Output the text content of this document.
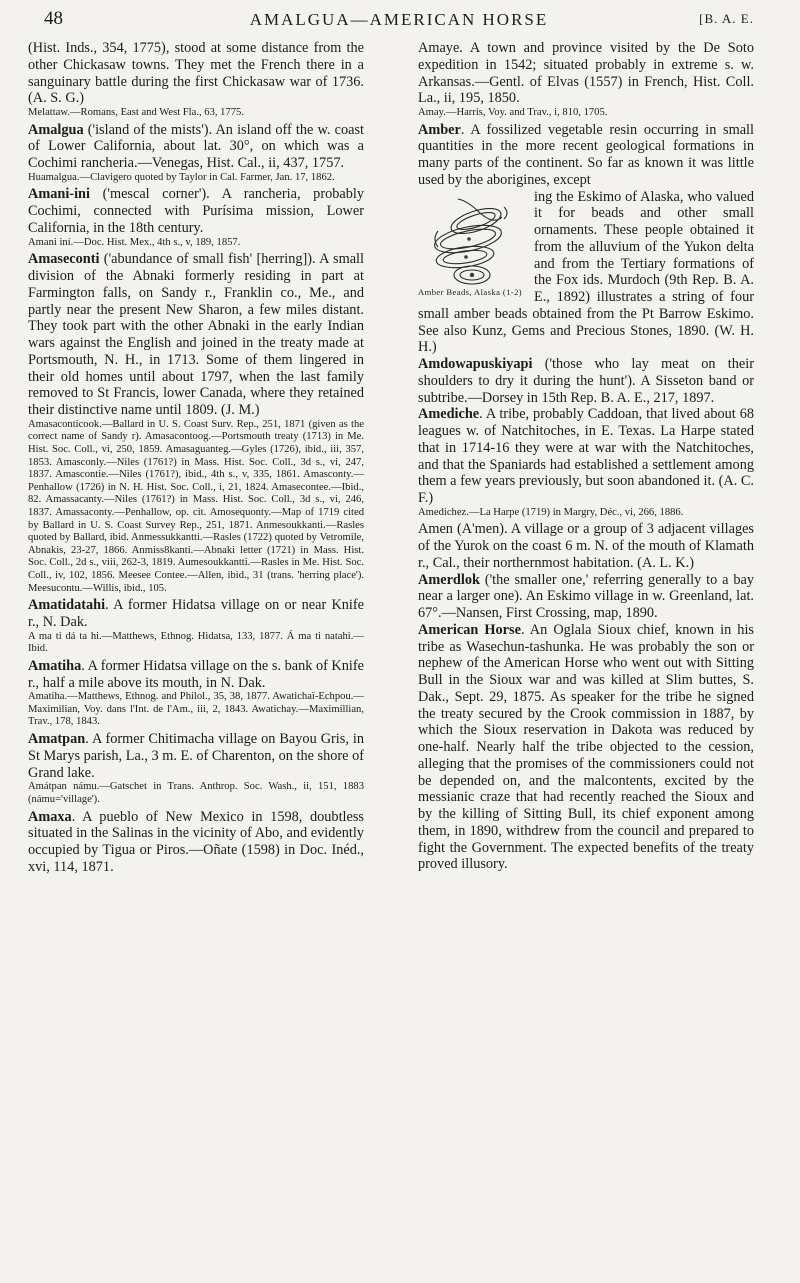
48	AMALGUA—AMERICAN HORSE	[B. A. E.

(Hist. Inds., 354, 1775), stood at some distance from the other Chickasaw towns. They met the French there in a sanguinary battle during the first Chickasaw war of 1736. (A. S. G.)

Melattaw.—Romans, East and West Fla., 63, 1775.

Amalgua ('island of the mists'). An island off the w. coast of Lower California, about lat. 30°, on which was a Cochimi rancheria.—Venegas, Hist. Cal., ii, 437, 1757.

Huamalgua.—Clavigero quoted by Taylor in Cal. Farmer, Jan. 17, 1862.

Amani-ini ('mescal corner'). A rancheria, probably Cochimi, connected with Purísima mission, Lower California, in the 18th century.

Amani iní.—Doc. Hist. Mex., 4th s., v, 189, 1857.

Amaseconti ('abundance of small fish' [herring]). A small division of the Abnaki formerly residing in part at Farmington falls, on Sandy r., Franklin co., Me., and partly near the present New Sharon, a few miles distant. They took part with the other Abnaki in the early Indian wars against the English and joined in the treaty made at Portsmouth, N. H., in 1713. Some of them lingered in their old homes until about 1797, when the last family removed to St Francis, lower Canada, where they retained their distinctive name until 1809. (J. M.)

Amasaconticook.—Ballard in U. S. Coast Surv. Rep., 251, 1871 (given as the correct name of Sandy r). Amasacontoog.—Portsmouth treaty (1713) in Me. Hist. Soc. Coll., vi, 250, 1859. Amasaguanteg.—Gyles (1726), ibid., iii, 357, 1853. Amasconly.—Niles (1761?) in Mass. Hist. Soc. Coll., 3d s., vi, 247, 1837. Amascontie.—Niles (1761?), ibid., 4th s., v, 335, 1861. Amasconty.—Penhallow (1726) in N. H. Hist. Soc. Coll., i, 21, 1824. Amasecontee.—Ibid., 82. Amassacanty.—Niles (1761?) in Mass. Hist. Soc. Coll., 3d s., vi, 246, 1837. Amassaconty.—Penhallow, op. cit. Amosequonty.—Map of 1719 cited by Ballard in U. S. Coast Survey Rep., 251, 1871. Anmesoukkanti.—Rasles quoted by Ballard, ibid. Anmessukkantti.—Rasles (1722) quoted by Vetromile, Abnakis, 23-27, 1866. Anmiss8kanti.—Abnaki letter (1721) in Mass. Hist. Soc. Coll., 2d s., viii, 262-3, 1819. Aumesoukkantti.—Rasles in Me. Hist. Soc. Coll., iv, 102, 1856. Meesee Contee.—Allen, ibid., 31 (trans. 'herring place'). Meesucontu.—Willis, ibid., 105.

Amatidatahi. A former Hidatsa village on or near Knife r., N. Dak.

A ma ti dá ta hi.—Matthews, Ethnog. Hidatsa, 133, 1877. Á ma ti natahi.—Ibid.

Amatiha. A former Hidatsa village on the s. bank of Knife r., half a mile above its mouth, in N. Dak.

Amatiha.—Matthews, Ethnog. and Philol., 35, 38, 1877. Awatichaï-Echpou.—Maximilian, Voy. dans l'Int. de l'Am., iii, 2, 1843. Awatichay.—Maximillian, Trav., 178, 1843.

Amatpan. A former Chitimacha village on Bayou Gris, in St Marys parish, La., 3 m. E. of Charenton, on the shore of Grand lake.

Amátpan námu.—Gatschet in Trans. Anthrop. Soc. Wash., ii, 151, 1883 (námu='village').

Amaxa. A pueblo of New Mexico in 1598, doubtless situated in the Salinas in the vicinity of Abo, and evidently occupied by Tigua or Piros.—Oñate (1598) in Doc. Inéd., xvi, 114, 1871.

Amaye. A town and province visited by the De Soto expedition in 1542; situated probably in extreme s. w. Arkansas.—Gentl. of Elvas (1557) in French, Hist. Coll. La., ii, 195, 1850.

Amay.—Harris, Voy. and Trav., i, 810, 1705.

Amber. A fossilized vegetable resin occurring in small quantities in the more recent geological formations in many parts of the continent. So far as known it was little used by the aborigines, except

Amber Beads, Alaska (1-2)
ing the Eskimo of Alaska, who valued it for beads and other small ornaments. These people obtained it from the alluvium of the Yukon delta and from the Tertiary formations of the Fox ids. Murdoch (9th Rep. B. A. E., 1892) illustrates a string of four small amber beads obtained from the Pt Barrow Eskimo. See also Kunz, Gems and Precious Stones, 1890. (W. H. H.)

Amdowapuskiyapi ('those who lay meat on their shoulders to dry it during the hunt'). A Sisseton band or subtribe.—Dorsey in 15th Rep. B. A. E., 217, 1897.

Amediche. A tribe, probably Caddoan, that lived about 68 leagues w. of Natchitoches, in E. Texas. La Harpe stated that in 1714-16 they were at war with the Natchitoches, and that the Spaniards had established a settlement among them a few years previously, but soon abandoned it. (A. C. F.)

Amedichez.—La Harpe (1719) in Margry, Déc., vi, 266, 1886.

Amen (A'men). A village or a group of 3 adjacent villages of the Yurok on the coast 6 m. N. of the mouth of Klamath r., Cal., their northernmost habitation. (A. L. K.)

Amerdlok ('the smaller one,' referring generally to a bay near a larger one). An Eskimo village in w. Greenland, lat. 67°.—Nansen, First Crossing, map, 1890.

American Horse. An Oglala Sioux chief, known in his tribe as Wasechun-tashunka. He was probably the son or nephew of the American Horse who went out with Sitting Bull in the Sioux war and was killed at Slim buttes, S. Dak., Sept. 29, 1875. As speaker for the tribe he signed the treaty secured by the Crook commission in 1887, by which the Sioux reservation in Dakota was reduced by one-half. Nearly half the tribe objected to the cession, alleging that the promises of the commissioners could not be depended on, and the malcontents, excited by the messianic craze that had recently reached the Sioux and by the killing of Sitting Bull, its chief exponent among them, in 1890, withdrew from the council and prepared to fight the Government. The expected benefits of the treaty proved illusory.
